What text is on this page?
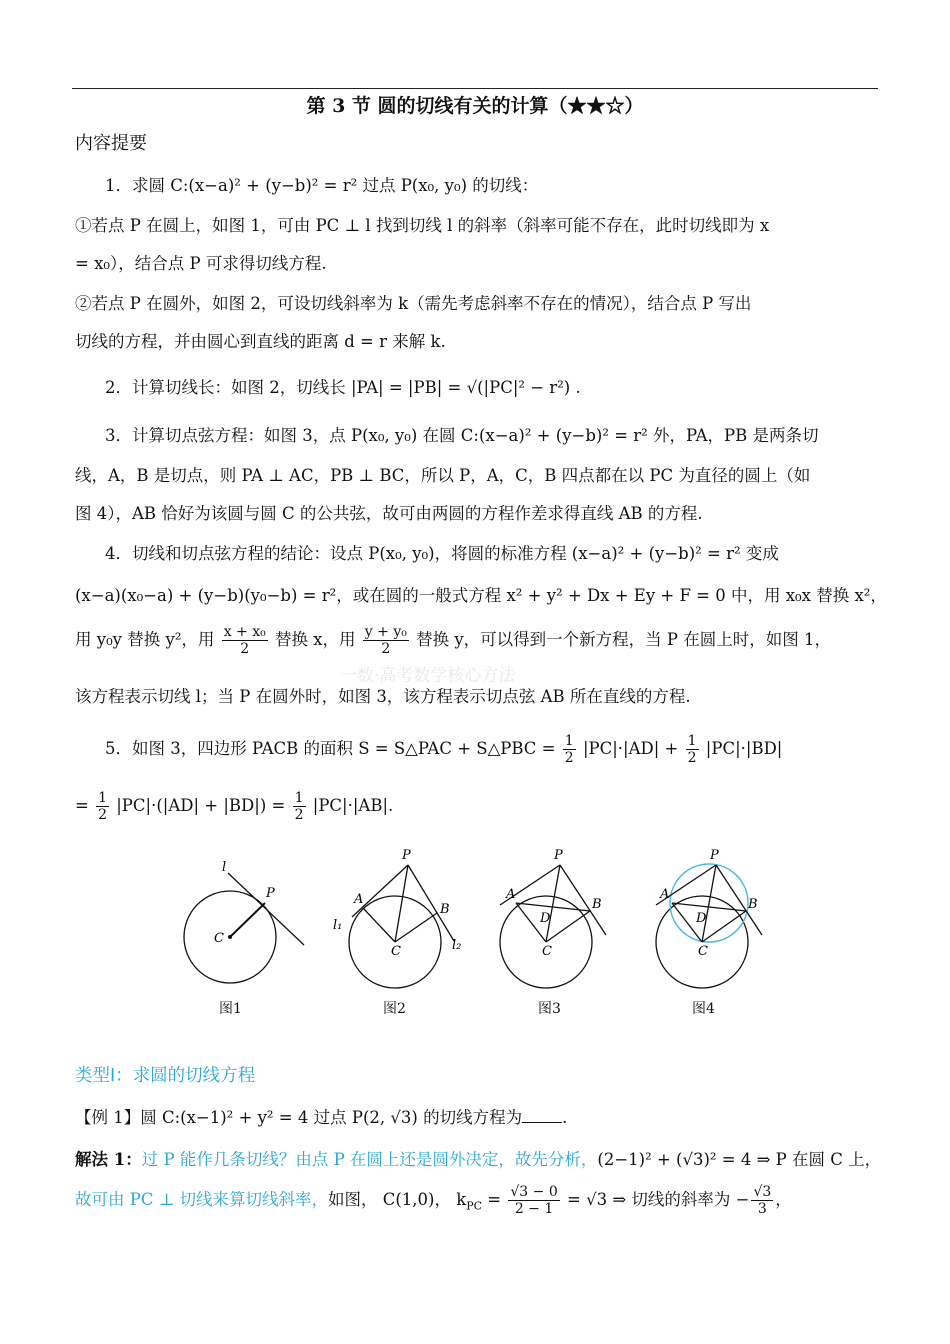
第 3 节 圆的切线有关的计算（★★☆）
内容提要
1．求圆 C:(x−a)² + (y−b)² = r² 过点 P(x₀, y₀) 的切线：
①若点 P 在圆上，如图 1，可由 PC ⊥ l 找到切线 l 的斜率（斜率可能不存在，此时切线即为 x
= x₀），结合点 P 可求得切线方程.
②若点 P 在圆外，如图 2，可设切线斜率为 k（需先考虑斜率不存在的情况），结合点 P 写出
切线的方程，并由圆心到直线的距离 d = r 来解 k.
2．计算切线长：如图 2，切线长 |PA| = |PB| = √(|PC|² − r²) .
3．计算切点弦方程：如图 3，点 P(x₀, y₀) 在圆 C:(x−a)² + (y−b)² = r² 外，PA，PB 是两条切
线，A，B 是切点，则 PA ⊥ AC，PB ⊥ BC，所以 P，A，C，B 四点都在以 PC 为直径的圆上（如
图 4），AB 恰好为该圆与圆 C 的公共弦，故可由两圆的方程作差求得直线 AB 的方程.
4．切线和切点弦方程的结论：设点 P(x₀, y₀)，将圆的标准方程 (x−a)² + (y−b)² = r² 变成
(x−a)(x₀−a) + (y−b)(y₀−b) = r²，或在圆的一般式方程 x² + y² + Dx + Ey + F = 0 中，用 x₀x 替换 x²，
用 y₀y 替换 y²，用 $\frac{\text{x + x₀}}{2}$ 替换 x，用 $\frac{\text{y + y₀}}{2}$ 替换 y，可以得到一个新方程，当 P 在圆上时，如图 1，
该方程表示切线 l；当 P 在圆外时，如图 3，该方程表示切点弦 AB 所在直线的方程.
一数·高考数学核心方法
5．如图 3，四边形 PACB 的面积 S = S△PAC + S△PBC = $\frac{1}{2} |PC|\cdot|AD| + \frac{1}{2} |PC|\cdot|BD|$
= $\frac{1}{2} |PC|\cdot(|AD| + |BD|) = \frac{1}{2} |PC|\cdot|AB|$.
l
P
C
图1
P
A
B
C
l₁
l₂
图2
P
A
B
C
D
图3
P
A
B
C
D
图4
类型Ⅰ：求圆的切线方程
【例 1】圆 C:(x−1)² + y² = 4 过点 P(2, √3) 的切线方程为 .
解法 1：过 P 能作几条切线？由点 P 在圆上还是圆外决定，故先分析，(2−1)² + (√3)² = 4 ⇒ P 在圆 C 上，
故可由 PC ⊥ 切线来算切线斜率，如图， C(1,0)， $k_{PC} = \frac{√3 - 0}{2 - 1} = √3$ ⇒ 切线的斜率为 − $\frac{√3}{3}$ ，
